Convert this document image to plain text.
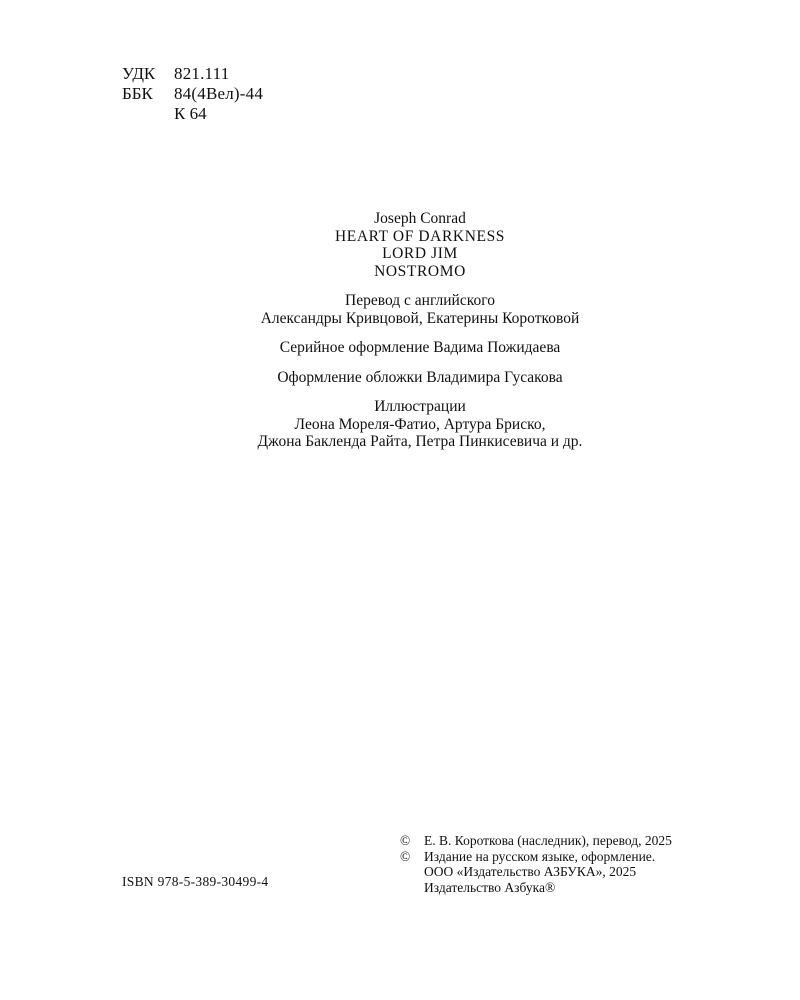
УДК	821.111
ББК	84(4Вел)-44
К 64
Joseph Conrad
HEART OF DARKNESS
LORD JIM
NOSTROMO
Перевод с английского
Александры Кривцовой, Екатерины Коротковой
Серийное оформление Вадима Пожидаева
Оформление обложки Владимира Гусакова
Иллюстрации
Леона Мореля-Фатио, Артура Бриско,
Джона Баклендa Райта, Петра Пинкисевича и др.
ISBN 978-5-389-30499-4
©	Е. В. Короткова (наследник), перевод, 2025
©	Издание на русском языке, оформление.
ООО «Издательство АЗБУКА», 2025
Издательство Азбука®
